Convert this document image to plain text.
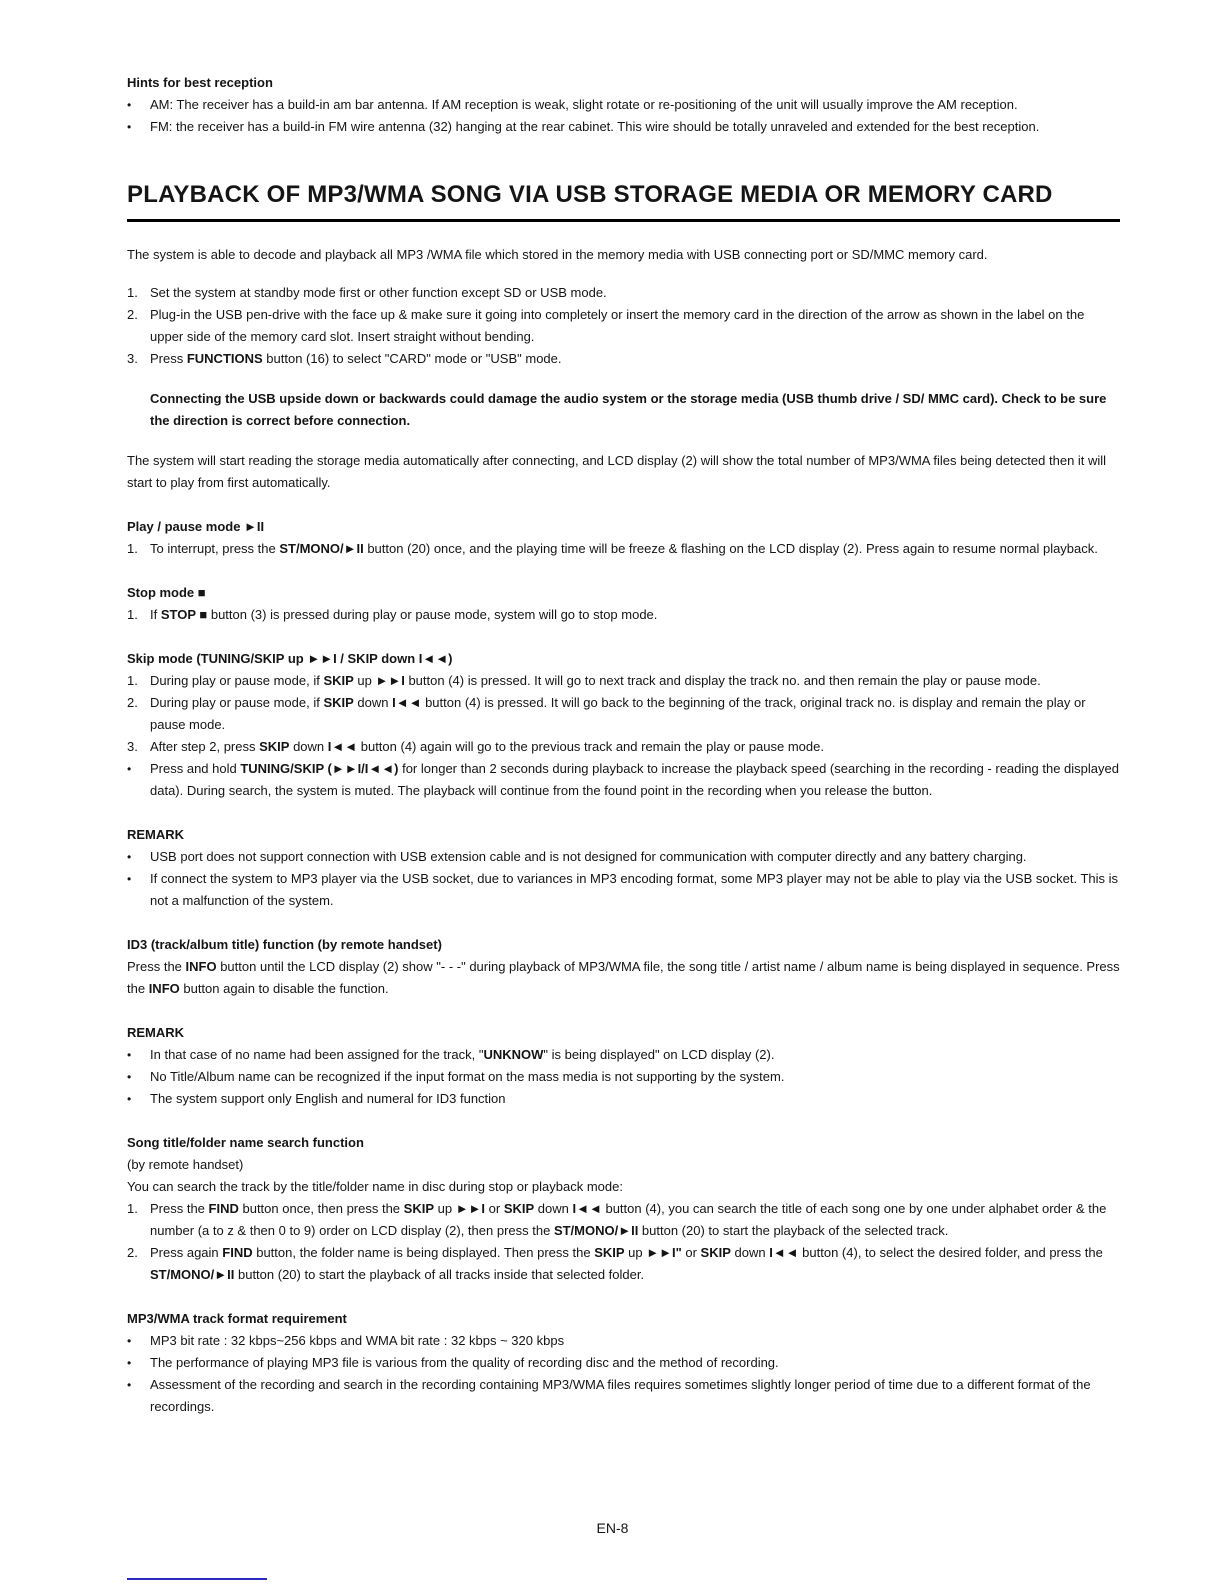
Hints for best reception
•	AM: The receiver has a build-in am bar antenna. If AM reception is weak, slight rotate or re-positioning of the unit will usually improve the AM reception.
•	FM: the receiver has a build-in FM wire antenna (32) hanging at the rear cabinet. This wire should be totally unraveled and extended for the best reception.
PLAYBACK OF MP3/WMA SONG VIA USB STORAGE MEDIA OR MEMORY CARD
The system is able to decode and playback all MP3 /WMA file which stored in the memory media with USB connecting port or SD/MMC memory card.
1. Set the system at standby mode first or other function except SD or USB mode.
2. Plug-in the USB pen-drive with the face up & make sure it going into completely or insert the memory card in the direction of the arrow as shown in the label on the upper side of the memory card slot. Insert straight without bending.
3. Press FUNCTIONS button (16) to select "CARD" mode or "USB" mode.
Connecting the USB upside down or backwards could damage the audio system or the storage media (USB thumb drive / SD/ MMC card). Check to be sure the direction is correct before connection.
The system will start reading the storage media automatically after connecting, and LCD display (2) will show the total number of MP3/WMA files being detected then it will start to play from first automatically.
Play / pause mode ►II
1. To interrupt, press the ST/MONO/►II button (20) once, and the playing time will be freeze & flashing on the LCD display (2). Press again to resume normal playback.
Stop mode ■
1. If STOP ■ button (3) is pressed during play or pause mode, system will go to stop mode.
Skip mode (TUNING/SKIP up ►►I / SKIP down I◄◄)
1. During play or pause mode, if SKIP up ►►I button (4) is pressed. It will go to next track and display the track no. and then remain the play or pause mode.
2. During play or pause mode, if SKIP down I◄◄ button (4) is pressed. It will go back to the beginning of the track, original track no. is display and remain the play or pause mode.
3. After step 2, press SKIP down I◄◄ button (4) again will go to the previous track and remain the play or pause mode.
•	Press and hold TUNING/SKIP (►►I/I◄◄) for longer than 2 seconds during playback to increase the playback speed (searching in the recording - reading the displayed data). During search, the system is muted. The playback will continue from the found point in the recording when you release the button.
REMARK
•	USB port does not support connection with USB extension cable and is not designed for communication with computer directly and any battery charging.
•	If connect the system to MP3 player via the USB socket, due to variances in MP3 encoding format, some MP3 player may not be able to play via the USB socket. This is not a malfunction of the system.
ID3 (track/album title) function (by remote handset)
Press the INFO button until the LCD display (2) show "- - -" during playback of MP3/WMA file, the song title / artist name / album name is being displayed in sequence. Press the INFO button again to disable the function.
REMARK
•	In that case of no name had been assigned for the track, "UNKNOW" is being displayed" on LCD display (2).
•	No Title/Album name can be recognized if the input format on the mass media is not supporting by the system.
•	The system support only English and numeral for ID3 function
Song title/folder name search function
(by remote handset)
You can search the track by the title/folder name in disc during stop or playback mode:
1. Press the FIND button once, then press the SKIP up ►►I or SKIP down I◄◄ button (4), you can search the title of each song one by one under alphabet order & the number (a to z & then 0 to 9) order on LCD display (2), then press the ST/MONO/►II button (20) to start the playback of the selected track.
2. Press again FIND button, the folder name is being displayed. Then press the SKIP up ►►I" or SKIP down I◄◄ button (4), to select the desired folder, and press the ST/MONO/►II button (20) to start the playback of all tracks inside that selected folder.
MP3/WMA track format requirement
•	MP3 bit rate : 32 kbps~256 kbps and WMA bit rate : 32 kbps ~ 320 kbps
•	The performance of playing MP3 file is various from the quality of recording disc and the method of recording.
•	Assessment of the recording and search in the recording containing MP3/WMA files requires sometimes slightly longer period of time due to a different format of the recordings.
EN-8
